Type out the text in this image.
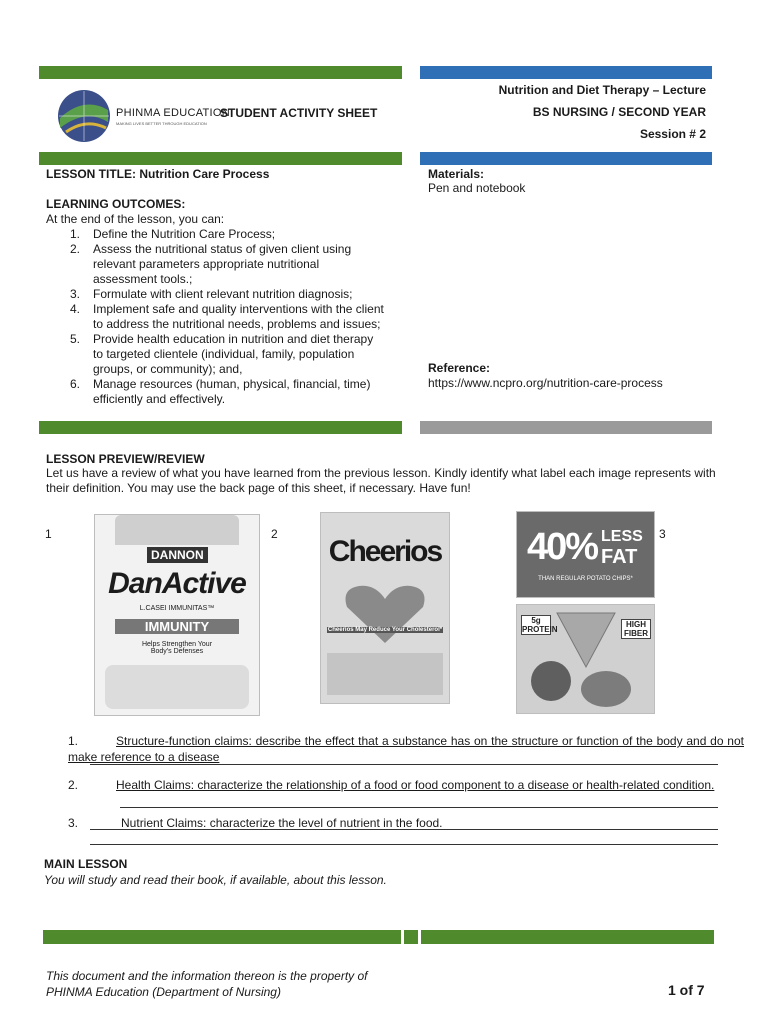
PHINMA EDUCATION
MAKING LIVES BETTER THROUGH EDUCATION
STUDENT ACTIVITY SHEET
Nutrition and Diet Therapy – Lecture
BS NURSING / SECOND YEAR
Session # 2
LESSON TITLE: Nutrition Care Process
LEARNING OUTCOMES:
At the end of the lesson, you can:
1. Define the Nutrition Care Process;
2. Assess the nutritional status of given client using relevant parameters appropriate nutritional assessment tools.;
3. Formulate with client relevant nutrition diagnosis;
4. Implement safe and quality interventions with the client to address the nutritional needs, problems and issues;
5. Provide health education in nutrition and diet therapy to targeted clientele (individual, family, population groups, or community); and,
6. Manage resources (human, physical, financial, time) efficiently and effectively.
Materials:
Pen and notebook
Reference:
https://www.ncpro.org/nutrition-care-process
LESSON PREVIEW/REVIEW
Let us have a review of what you have learned from the previous lesson. Kindly identify what label each image represents with their definition. You may use the back page of this sheet, if necessary. Have fun!
1	2	3
DANNON
DanActive
L.CASEI IMMUNITAS™
IMMUNITY
Helps Strengthen Your Body's Defenses
Cheerios
Cheerios May Reduce Your Cholesterol*
40% LESS
FAT
THAN REGULAR POTATO CHIPS*
5g PROTEIN
HIGH FIBER
1.	Structure-function claims: describe the effect that a substance has on the structure or function of the body and do not make reference to a disease
2.	Health Claims: characterize the relationship of a food or food component to a disease or health-related condition.
3.	Nutrient Claims: characterize the level of nutrient in the food.
MAIN LESSON
You will study and read their book, if available, about this lesson.
This document and the information thereon is the property of
PHINMA Education (Department of Nursing)	1 of 7
